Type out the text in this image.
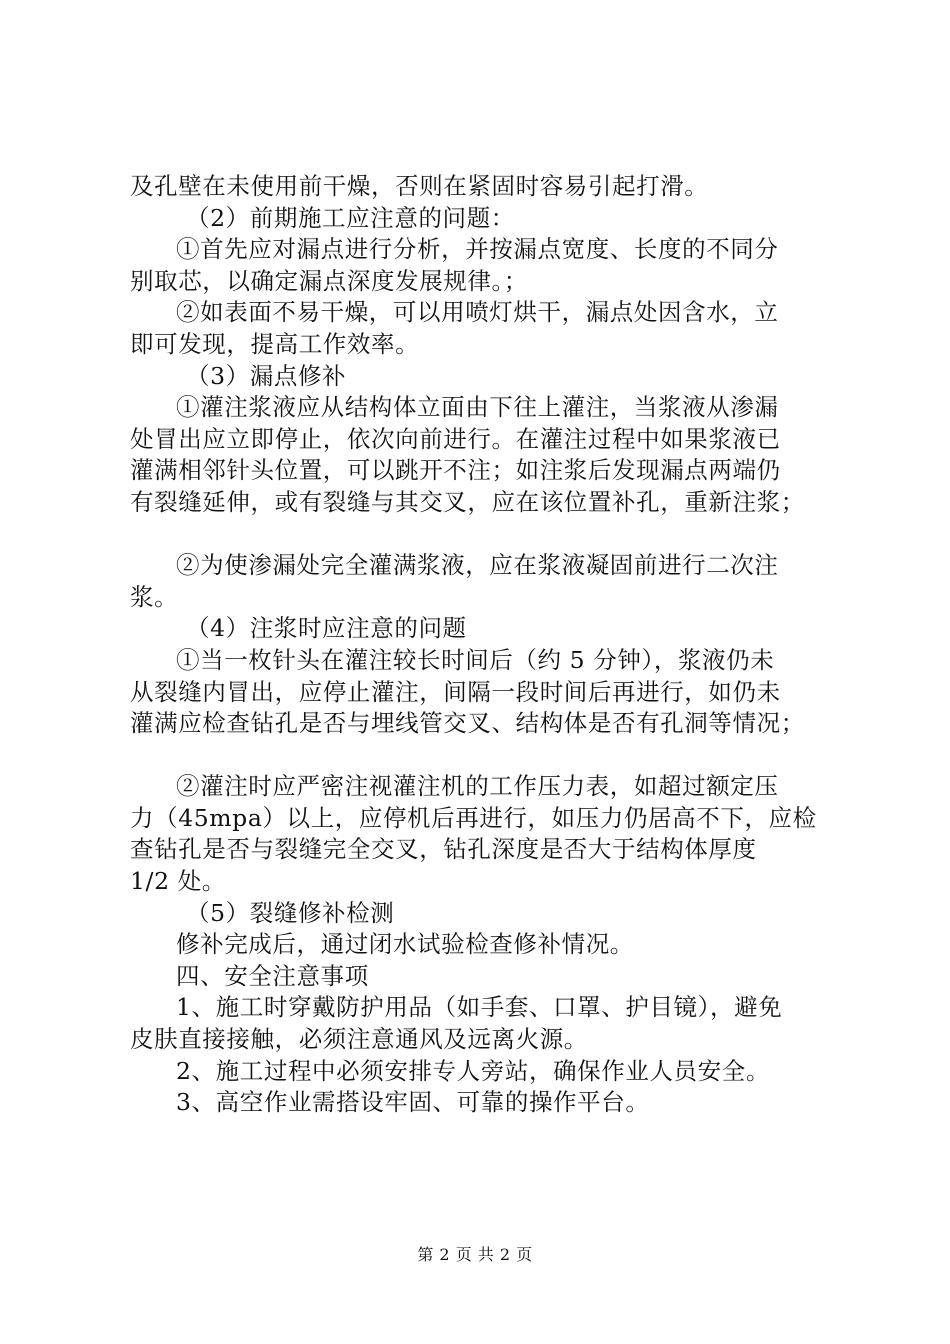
及孔壁在未使用前干燥，否则在紧固时容易引起打滑。
（2）前期施工应注意的问题：
①首先应对漏点进行分析，并按漏点宽度、长度的不同分
别取芯，以确定漏点深度发展规律。；
②如表面不易干燥，可以用喷灯烘干，漏点处因含水，立
即可发现，提高工作效率。
（3）漏点修补
①灌注浆液应从结构体立面由下往上灌注，当浆液从渗漏
处冒出应立即停止，依次向前进行。在灌注过程中如果浆液已
灌满相邻针头位置，可以跳开不注；如注浆后发现漏点两端仍
有裂缝延伸，或有裂缝与其交叉，应在该位置补孔，重新注浆；
②为使渗漏处完全灌满浆液，应在浆液凝固前进行二次注
浆。
（4）注浆时应注意的问题
①当一枚针头在灌注较长时间后（约 5 分钟），浆液仍未
从裂缝内冒出，应停止灌注，间隔一段时间后再进行，如仍未
灌满应检查钻孔是否与埋线管交叉、结构体是否有孔洞等情况；
②灌注时应严密注视灌注机的工作压力表，如超过额定压
力（45mpa）以上，应停机后再进行，如压力仍居高不下，应检
查钻孔是否与裂缝完全交叉，钻孔深度是否大于结构体厚度
1/2 处。
（5）裂缝修补检测
修补完成后，通过闭水试验检查修补情况。
四、安全注意事项
1、施工时穿戴防护用品（如手套、口罩、护目镜），避免
皮肤直接接触，必须注意通风及远离火源。
2、施工过程中必须安排专人旁站，确保作业人员安全。
3、高空作业需搭设牢固、可靠的操作平台。
第 2 页 共 2 页
